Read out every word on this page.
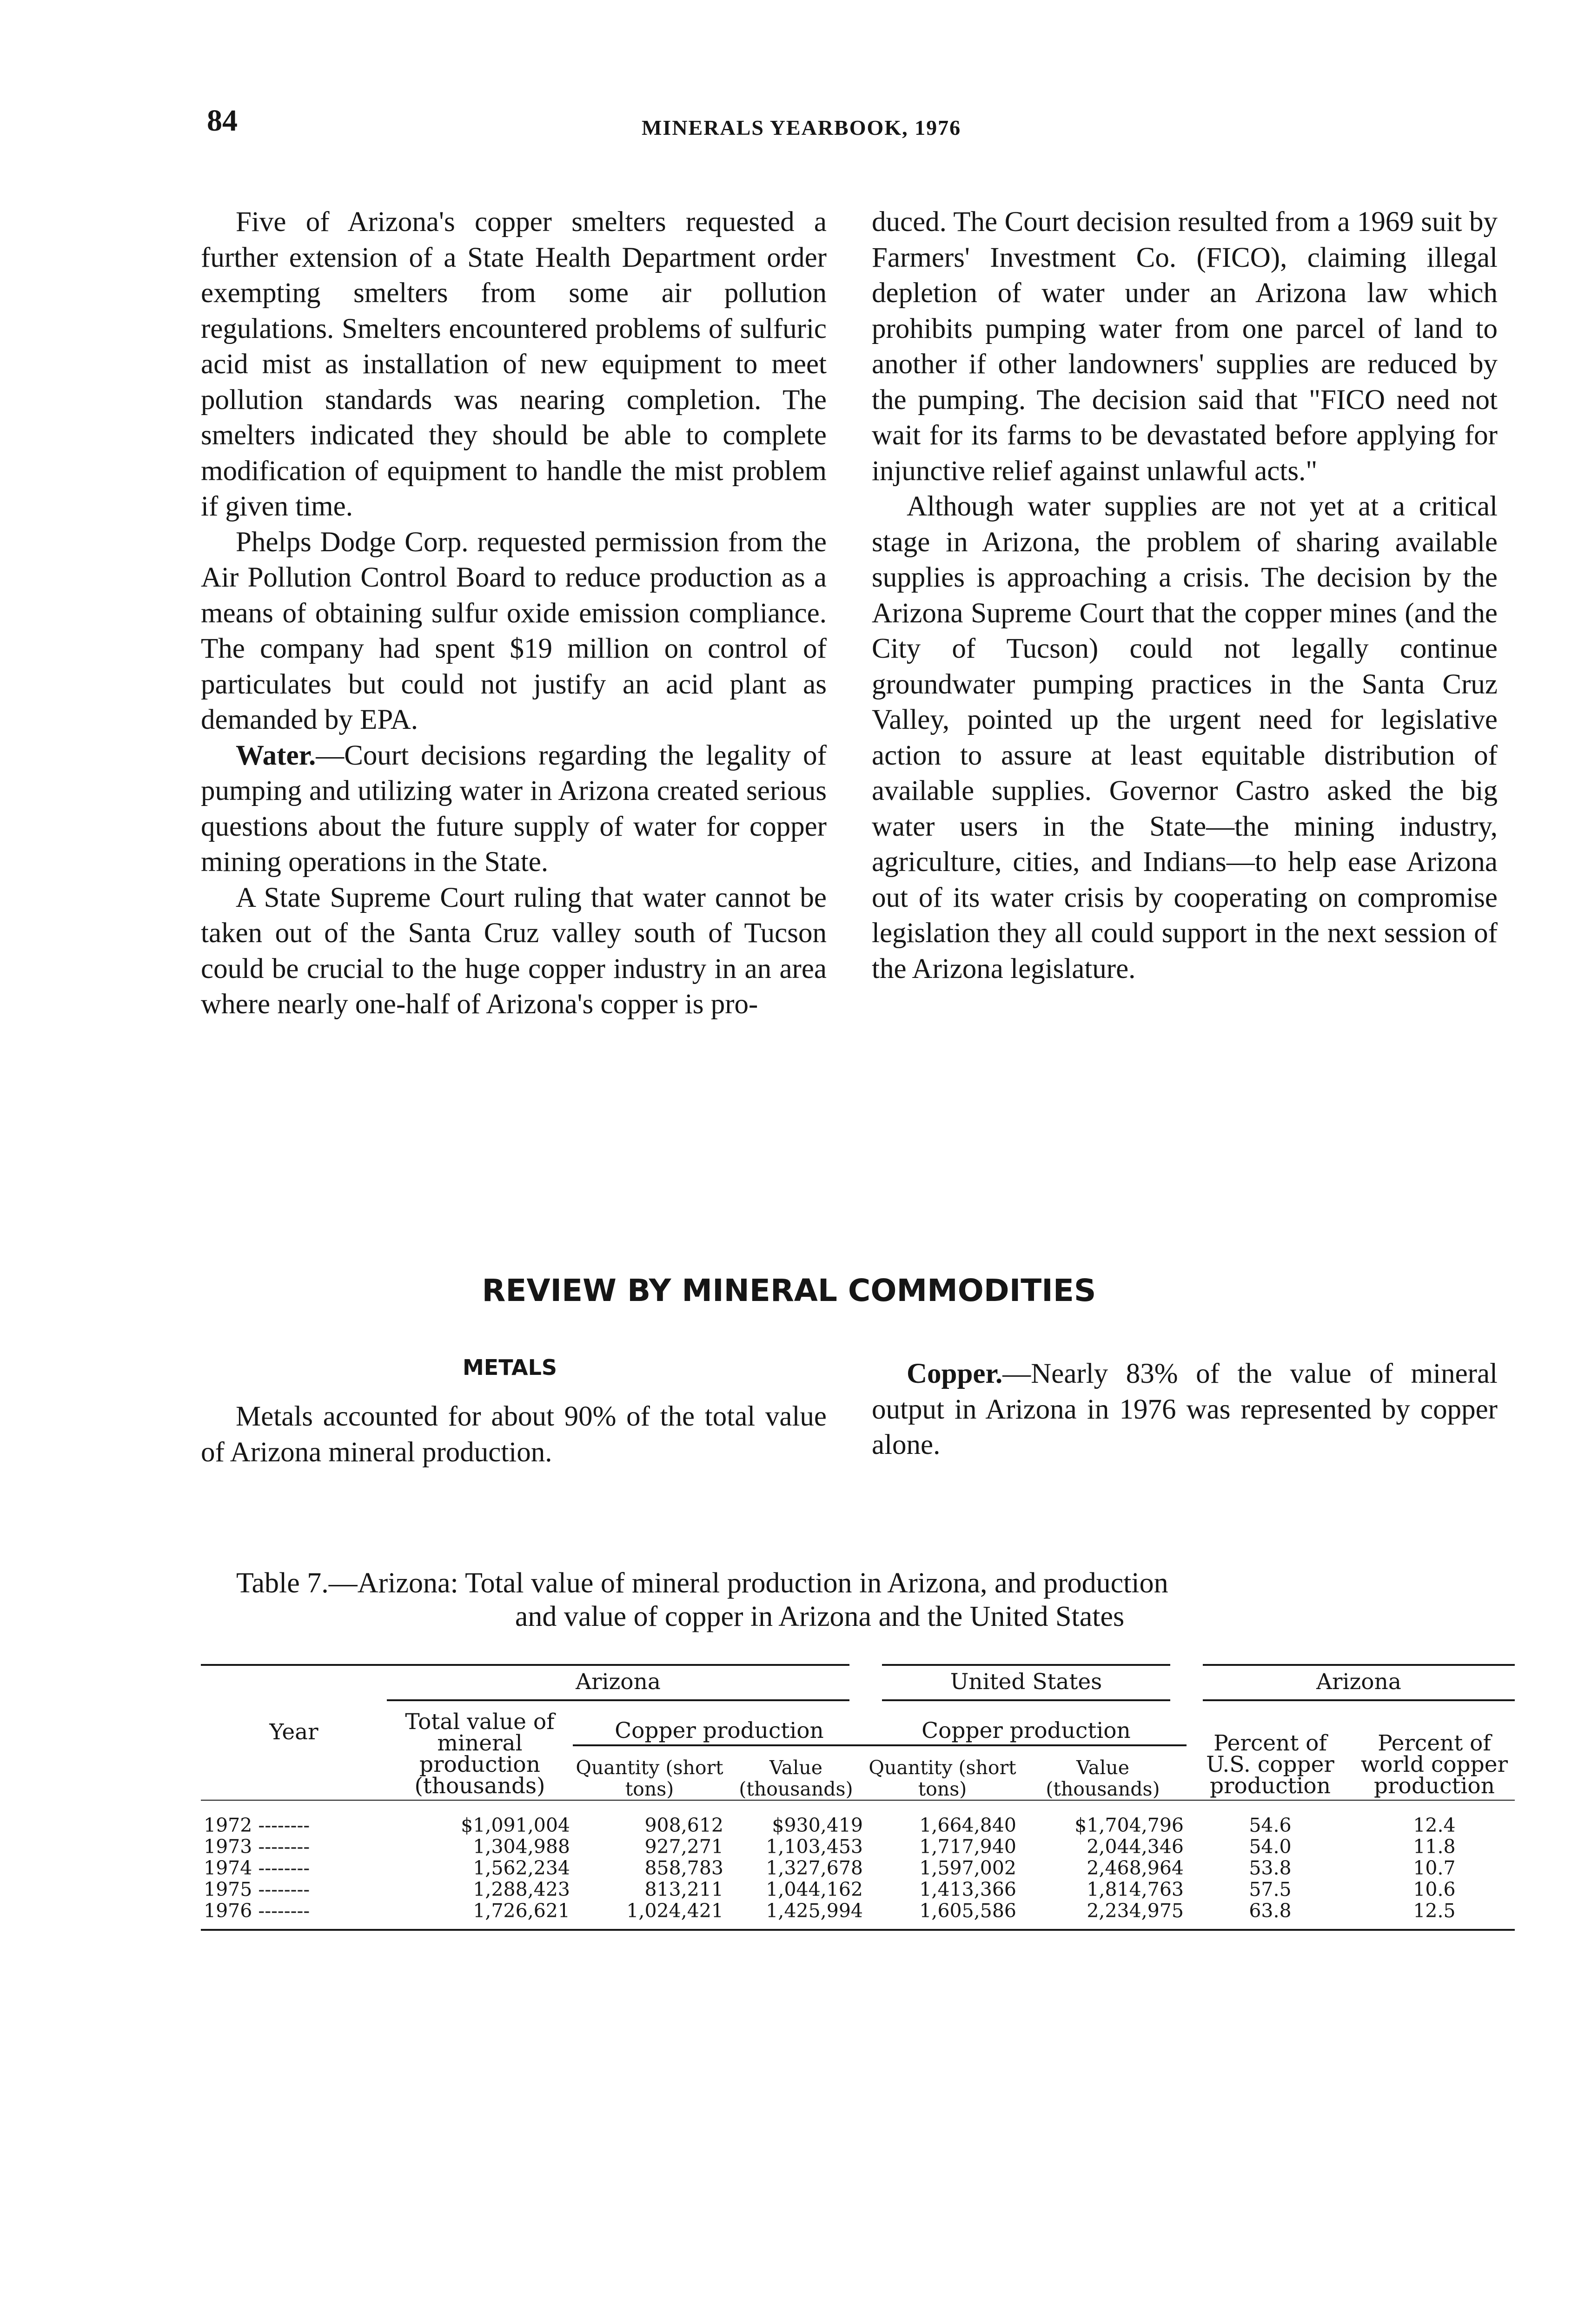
84	MINERALS YEARBOOK, 1976

Five of Arizona's copper smelters requested a further extension of a State Health Department order exempting smelters from some air pollution regulations. Smelters encountered problems of sulfuric acid mist as installation of new equipment to meet pollution standards was nearing completion. The smelters indicated they should be able to complete modification of equipment to handle the mist problem if given time.

Phelps Dodge Corp. requested permission from the Air Pollution Control Board to reduce production as a means of obtaining sulfur oxide emission compliance. The company had spent $19 million on control of particulates but could not justify an acid plant as demanded by EPA.

Water.—Court decisions regarding the legality of pumping and utilizing water in Arizona created serious questions about the future supply of water for copper mining operations in the State.

A State Supreme Court ruling that water cannot be taken out of the Santa Cruz valley south of Tucson could be crucial to the huge copper industry in an area where nearly one-half of Arizona's copper is pro-

duced. The Court decision resulted from a 1969 suit by Farmers' Investment Co. (FICO), claiming illegal depletion of water under an Arizona law which prohibits pumping water from one parcel of land to another if other landowners' supplies are reduced by the pumping. The decision said that "FICO need not wait for its farms to be devastated before applying for injunctive relief against unlawful acts."

Although water supplies are not yet at a critical stage in Arizona, the problem of sharing available supplies is approaching a crisis. The decision by the Arizona Supreme Court that the copper mines (and the City of Tucson) could not legally continue groundwater pumping practices in the Santa Cruz Valley, pointed up the urgent need for legislative action to assure at least equitable distribution of available supplies. Governor Castro asked the big water users in the State—the mining industry, agriculture, cities, and Indians—to help ease Arizona out of its water crisis by cooperating on compromise legislation they all could support in the next session of the Arizona legislature.

REVIEW BY MINERAL COMMODITIES
METALS

Metals accounted for about 90% of the total value of Arizona mineral production.

Copper.—Nearly 83% of the value of mineral output in Arizona in 1976 was represented by copper alone.

Table 7.—Arizona: Total value of mineral production in Arizona, and production
and value of copper in Arizona and the United States
Year	Arizona			United States		Arizona	
	Total value of mineral production (thousands)	Copper production		Copper production		Percent of U.S. copper production	Percent of world copper production
		Quantity (short tons)	Value (thousands)	Quantity (short tons)	Value (thousands)		
1972 --------	$1,091,004	908,612	$930,419	1,664,840	$1,704,796	54.6	12.4
1973 --------	1,304,988	927,271	1,103,453	1,717,940	2,044,346	54.0	11.8
1974 --------	1,562,234	858,783	1,327,678	1,597,002	2,468,964	53.8	10.7
1975 --------	1,288,423	813,211	1,044,162	1,413,366	1,814,763	57.5	10.6
1976 --------	1,726,621	1,024,421	1,425,994	1,605,586	2,234,975	63.8	12.5
